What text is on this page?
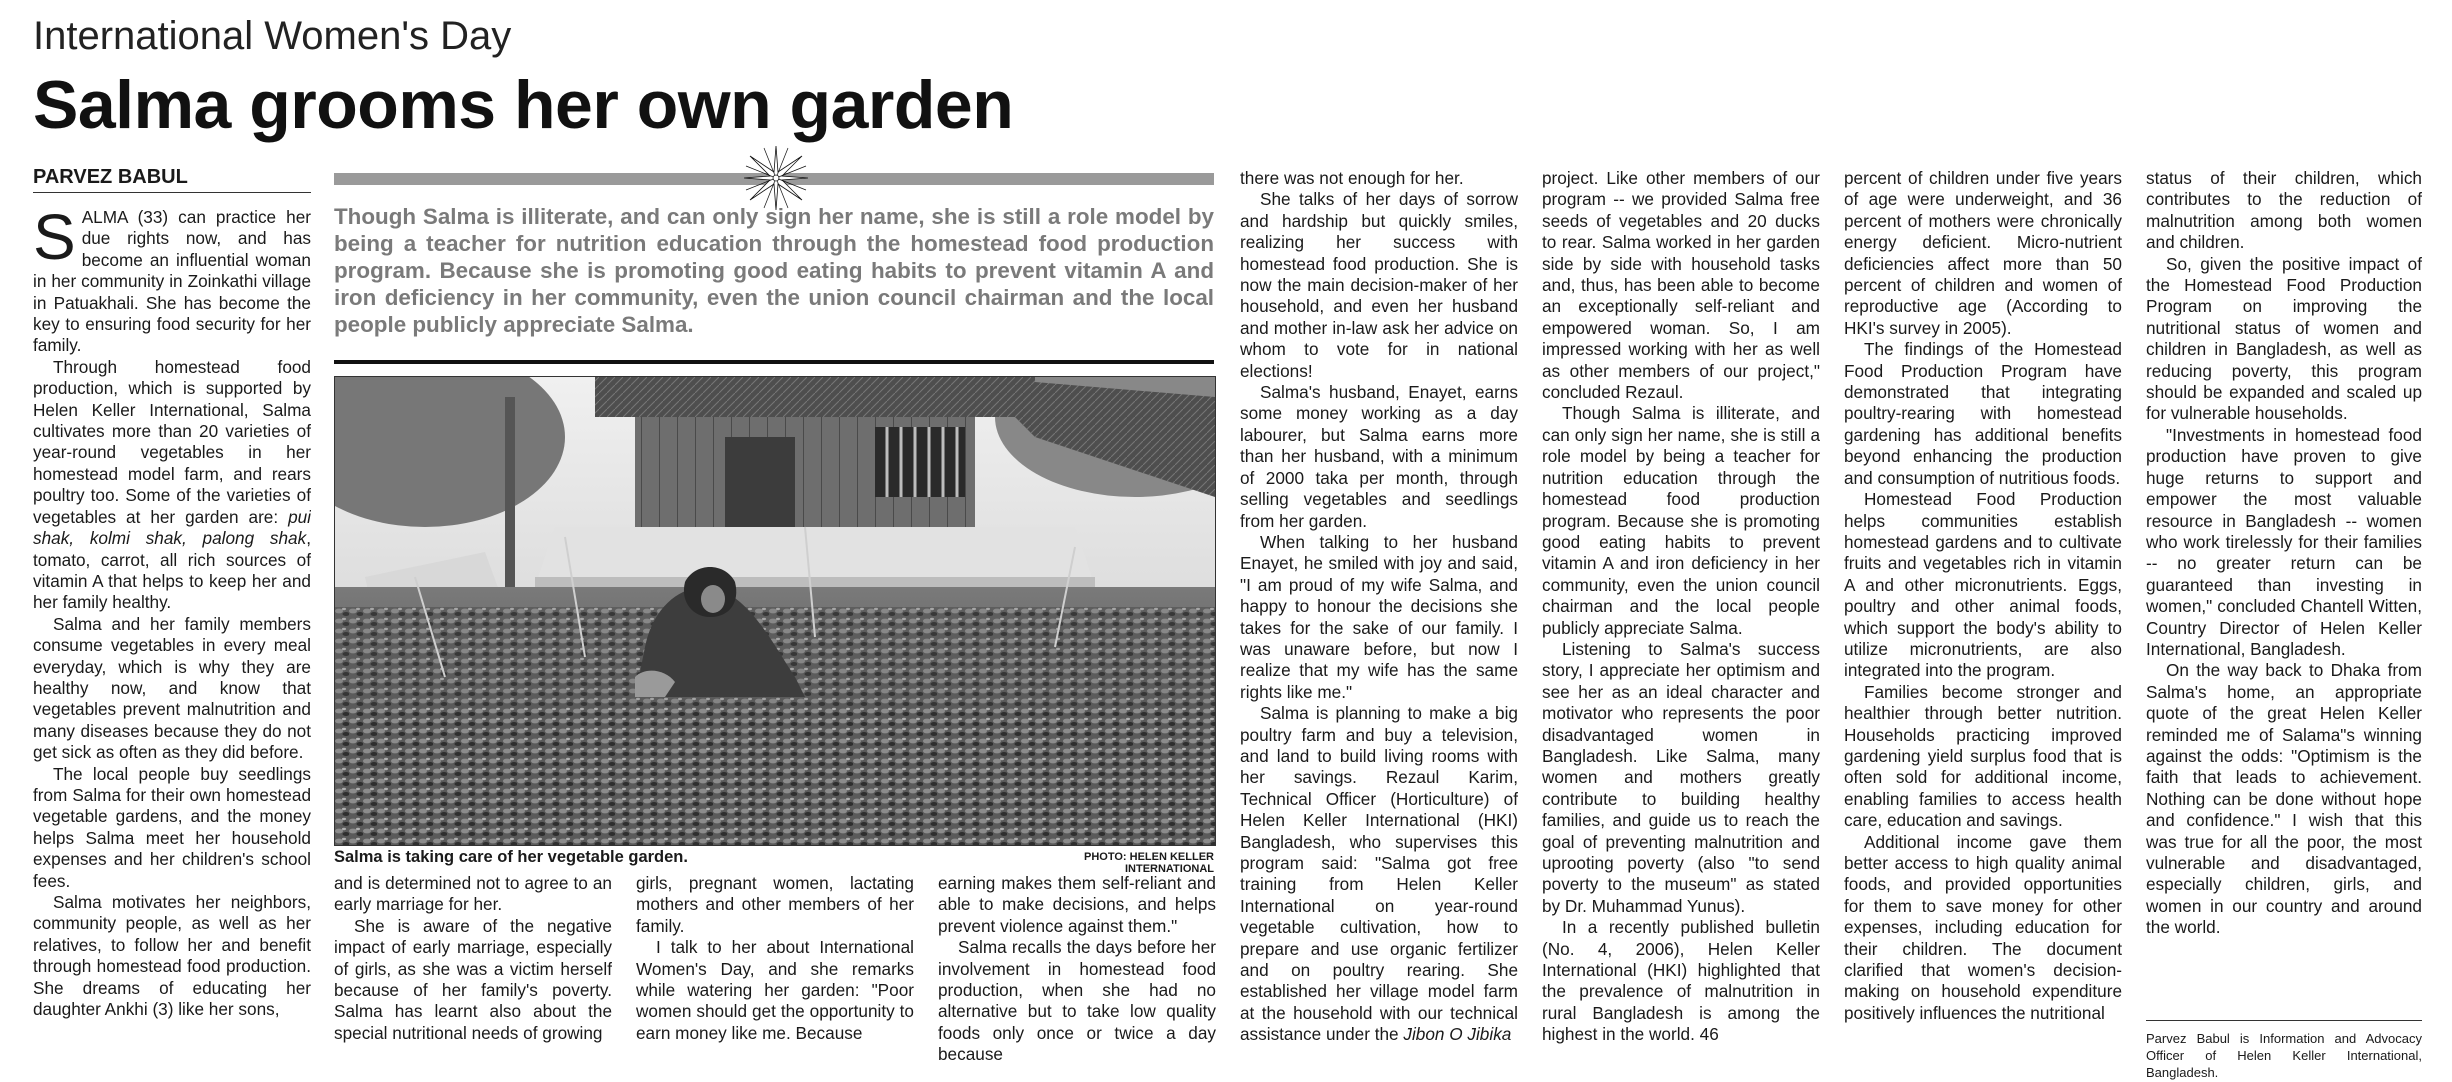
International Women's Day
Salma grooms her own garden
PARVEZ BABUL

SALMA (33) can practice her due rights now, and has become an influential woman in her community in Zoinkathi village in Patuakhali. She has become the key to ensuring food security for her family.

Through homestead food production, which is supported by Helen Keller International, Salma cultivates more than 20 varieties of year-round vegetables in her homestead model farm, and rears poultry too. Some of the varieties of vegetables at her garden are: pui shak, kolmi shak, palong shak, tomato, carrot, all rich sources of vitamin A that helps to keep her and her family healthy.

Salma and her family members consume vegetables in every meal everyday, which is why they are healthy now, and know that vegetables prevent malnutrition and many diseases because they do not get sick as often as they did before.

The local people buy seedlings from Salma for their own homestead vegetable gardens, and the money helps Salma meet her household expenses and her children's school fees.

Salma motivates her neighbors, community people, as well as her relatives, to follow her and benefit through homestead food production. She dreams of educating her daughter Ankhi (3) like her sons,

Though Salma is illiterate, and can only sign her name, she is still a role model by being a teacher for nutrition education through the homestead food production program. Because she is promoting good eating habits to prevent vitamin A and iron deficiency in her community, even the union council chairman and the local people publicly appreciate Salma.
Salma is taking care of her vegetable garden.	PHOTO: HELEN KELLER INTERNATIONAL

and is determined not to agree to an early marriage for her.

She is aware of the negative impact of early marriage, especially of girls, as she was a victim herself because of her family's poverty. Salma has learnt also about the special nutritional needs of growing

girls, pregnant women, lactating mothers and other members of her family.

I talk to her about International Women's Day, and she remarks while watering her garden: "Poor women should get the opportunity to earn money like me. Because

earning makes them self-reliant and able to make decisions, and helps prevent violence against them."

Salma recalls the days before her involvement in homestead food production, when she had no alternative but to take low quality foods only once or twice a day because

there was not enough for her.

She talks of her days of sorrow and hardship but quickly smiles, realizing her success with homestead food production. She is now the main decision-maker of her household, and even her husband and mother in-law ask her advice on whom to vote for in national elections!

Salma's husband, Enayet, earns some money working as a day labourer, but Salma earns more than her husband, with a minimum of 2000 taka per month, through selling vegetables and seedlings from her garden.

When talking to her husband Enayet, he smiled with joy and said, "I am proud of my wife Salma, and happy to honour the decisions she takes for the sake of our family. I was unaware before, but now I realize that my wife has the same rights like me."

Salma is planning to make a big poultry farm and buy a television, and land to build living rooms with her savings. Rezaul Karim, Technical Officer (Horticulture) of Helen Keller International (HKI) Bangladesh, who supervises this program said: "Salma got free training from Helen Keller International on year-round vegetable cultivation, how to prepare and use organic fertilizer and on poultry rearing. She established her village model farm at the household with our technical assistance under the Jibon O Jibika

project. Like other members of our program -- we provided Salma free seeds of vegetables and 20 ducks to rear. Salma worked in her garden side by side with household tasks and, thus, has been able to become an exceptionally self-reliant and empowered woman. So, I am impressed working with her as well as other members of our project," concluded Rezaul.

Though Salma is illiterate, and can only sign her name, she is still a role model by being a teacher for nutrition education through the homestead food production program. Because she is promoting good eating habits to prevent vitamin A and iron deficiency in her community, even the union council chairman and the local people publicly appreciate Salma.

Listening to Salma's success story, I appreciate her optimism and see her as an ideal character and motivator who represents the poor disadvantaged women in Bangladesh. Like Salma, many women and mothers greatly contribute to building healthy families, and guide us to reach the goal of preventing malnutrition and uprooting poverty (also "to send poverty to the museum" as stated by Dr. Muhammad Yunus).

In a recently published bulletin (No. 4, 2006), Helen Keller International (HKI) highlighted that the prevalence of malnutrition in rural Bangladesh is among the highest in the world. 46

percent of children under five years of age were underweight, and 36 percent of mothers were chronically energy deficient. Micro-nutrient deficiencies affect more than 50 percent of children and women of reproductive age (According to HKI's survey in 2005).

The findings of the Homestead Food Production Program have demonstrated that integrating poultry-rearing with homestead gardening has additional benefits beyond enhancing the production and consumption of nutritious foods.

Homestead Food Production helps communities establish homestead gardens and to cultivate fruits and vegetables rich in vitamin A and other micronutrients. Eggs, poultry and other animal foods, which support the body's ability to utilize micronutrients, are also integrated into the program.

Families become stronger and healthier through better nutrition. Households practicing improved gardening yield surplus food that is often sold for additional income, enabling families to access health care, education and savings.

Additional income gave them better access to high quality animal foods, and provided opportunities for them to save money for other expenses, including education for their children. The document clarified that women's decision-making on household expenditure positively influences the nutritional

status of their children, which contributes to the reduction of malnutrition among both women and children.

So, given the positive impact of the Homestead Food Production Program on improving the nutritional status of women and children in Bangladesh, as well as reducing poverty, this program should be expanded and scaled up for vulnerable households.

"Investments in homestead food production have proven to give huge returns to support and empower the most valuable resource in Bangladesh -- women who work tirelessly for their families -- no greater return can be guaranteed than investing in women," concluded Chantell Witten, Country Director of Helen Keller International, Bangladesh.

On the way back to Dhaka from Salma's home, an appropriate quote of the great Helen Keller reminded me of Salama"s winning against the odds: "Optimism is the faith that leads to achievement. Nothing can be done without hope and confidence." I wish that this was true for all the poor, the most vulnerable and disadvantaged, especially children, girls, and women in our country and around the world.

Parvez Babul is Information and Advocacy Officer of Helen Keller International, Bangladesh.
